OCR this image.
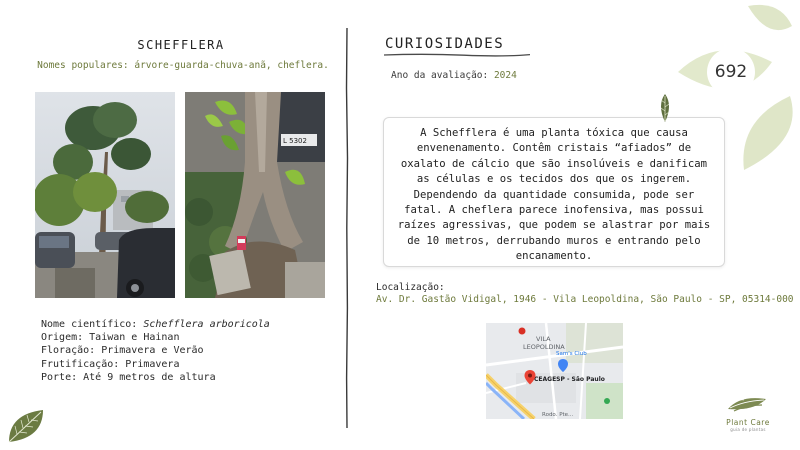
SCHEFFLERA
Nomes populares: árvore-guarda-chuva-anã, cheflera.
L 5302
Nome científico: Schefflera arboricola
Origem: Taiwan e Hainan
Floração: Primavera e Verão
Frutificação: Primavera
Porte: Até 9 metros de altura
CURIOSIDADES
Ano da avaliação: 2024
A Schefflera é uma planta tóxica que causa envenenamento. Contêm cristais “afiados” de oxalato de cálcio que são insolúveis e danificam as células e os tecidos dos que os ingerem. Dependendo da quantidade consumida, pode ser fatal. A cheflera parece inofensiva, mas possui raízes agressivas, que podem se alastrar por mais de 10 metros, derrubando muros e entrando pelo encanamento.
Localização:
Av. Dr. Gastão Vidigal, 1946 - Vila Leopoldina, São Paulo - SP, 05314-000
VILA
LEOPOLDINA
Sam's Club
CEAGESP - São Paulo
Rodo. Pte...
692
Plant Care
guia de plantas
